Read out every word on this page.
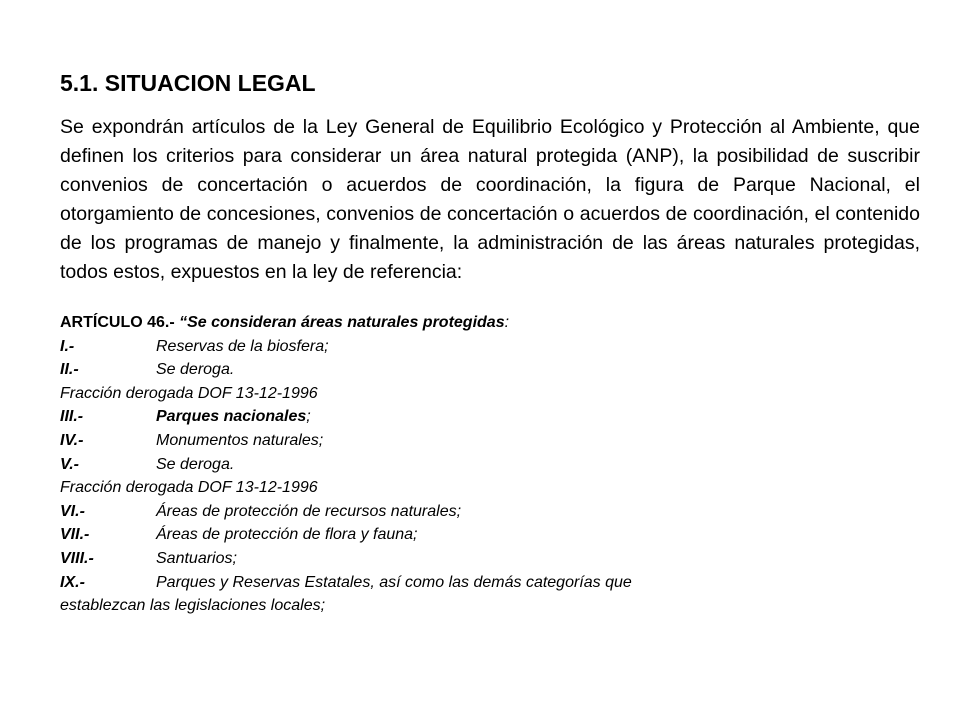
5.1. SITUACION LEGAL

Se expondrán artículos de la Ley General de Equilibrio Ecológico y Protección al Ambiente, que definen los criterios para considerar un área natural protegida (ANP), la posibilidad de suscribir convenios de concertación o acuerdos de coordinación, la figura de Parque Nacional, el otorgamiento de concesiones, convenios de concertación o acuerdos de coordinación, el contenido de los programas de manejo y finalmente, la administración de las áreas naturales protegidas, todos estos, expuestos en la ley de referencia:

ARTÍCULO 46.- “Se consideran áreas naturales protegidas:
I.-	Reservas de la biosfera;
II.-	Se deroga.
Fracción derogada DOF 13-12-1996
III.-	Parques nacionales;
IV.-	Monumentos naturales;
V.-	Se deroga.
Fracción derogada DOF 13-12-1996
VI.-	Áreas de protección de recursos naturales;
VII.-	Áreas de protección de flora y fauna;
VIII.-	Santuarios;
IX.-	Parques y Reservas Estatales, así como las demás categorías que
establezcan las legislaciones locales;
